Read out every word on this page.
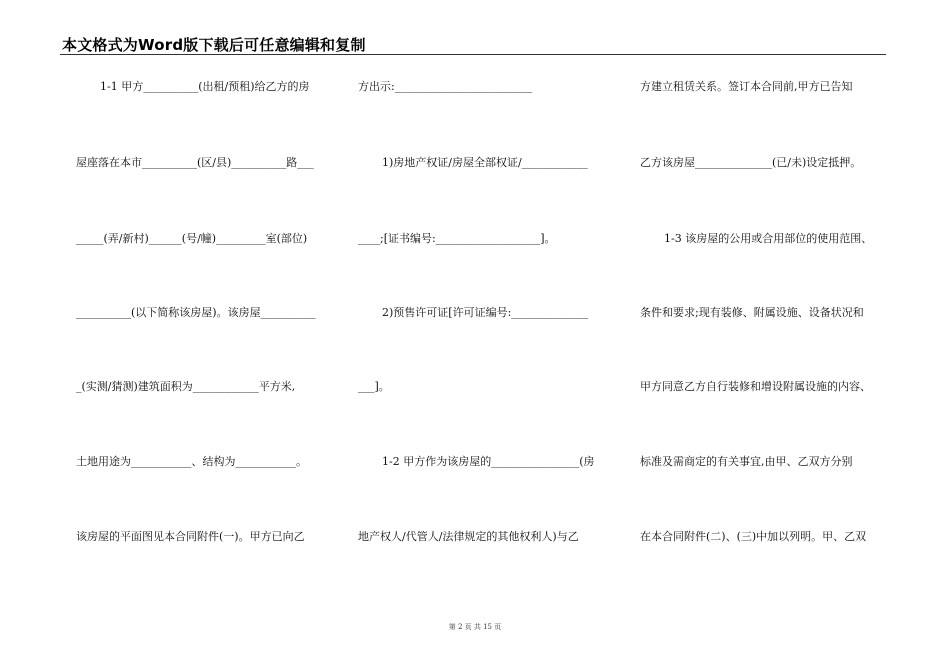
本文格式为Word版下载后可任意编辑和复制
1-1 甲方__________(出租/预租)给乙方的房
屋座落在本市__________(区/县)__________路___
_____(弄/新村)______(号/幢)_________室(部位)
__________(以下简称该房屋)。该房屋__________
_(实测/猜测)建筑面积为____________平方米,
土地用途为___________、结构为___________。
该房屋的平面图见本合同附件(一)。甲方已向乙
方出示:_________________________
1)房地产权证/房屋全部权证/____________
____;[证书编号:___________________]。
2)预售许可证[许可证编号:______________
___]。
1-2 甲方作为该房屋的________________(房
地产权人/代管人/法律规定的其他权利人)与乙
方建立租赁关系。签订本合同前,甲方已告知
乙方该房屋______________(已/未)设定抵押。
1-3 该房屋的公用或合用部位的使用范围、
条件和要求;现有装修、附属设施、设备状况和
甲方同意乙方自行装修和增设附属设施的内容、
标准及需商定的有关事宜,由甲、乙双方分别
在本合同附件(二)、(三)中加以列明。甲、乙双
第 2 页 共 15 页
